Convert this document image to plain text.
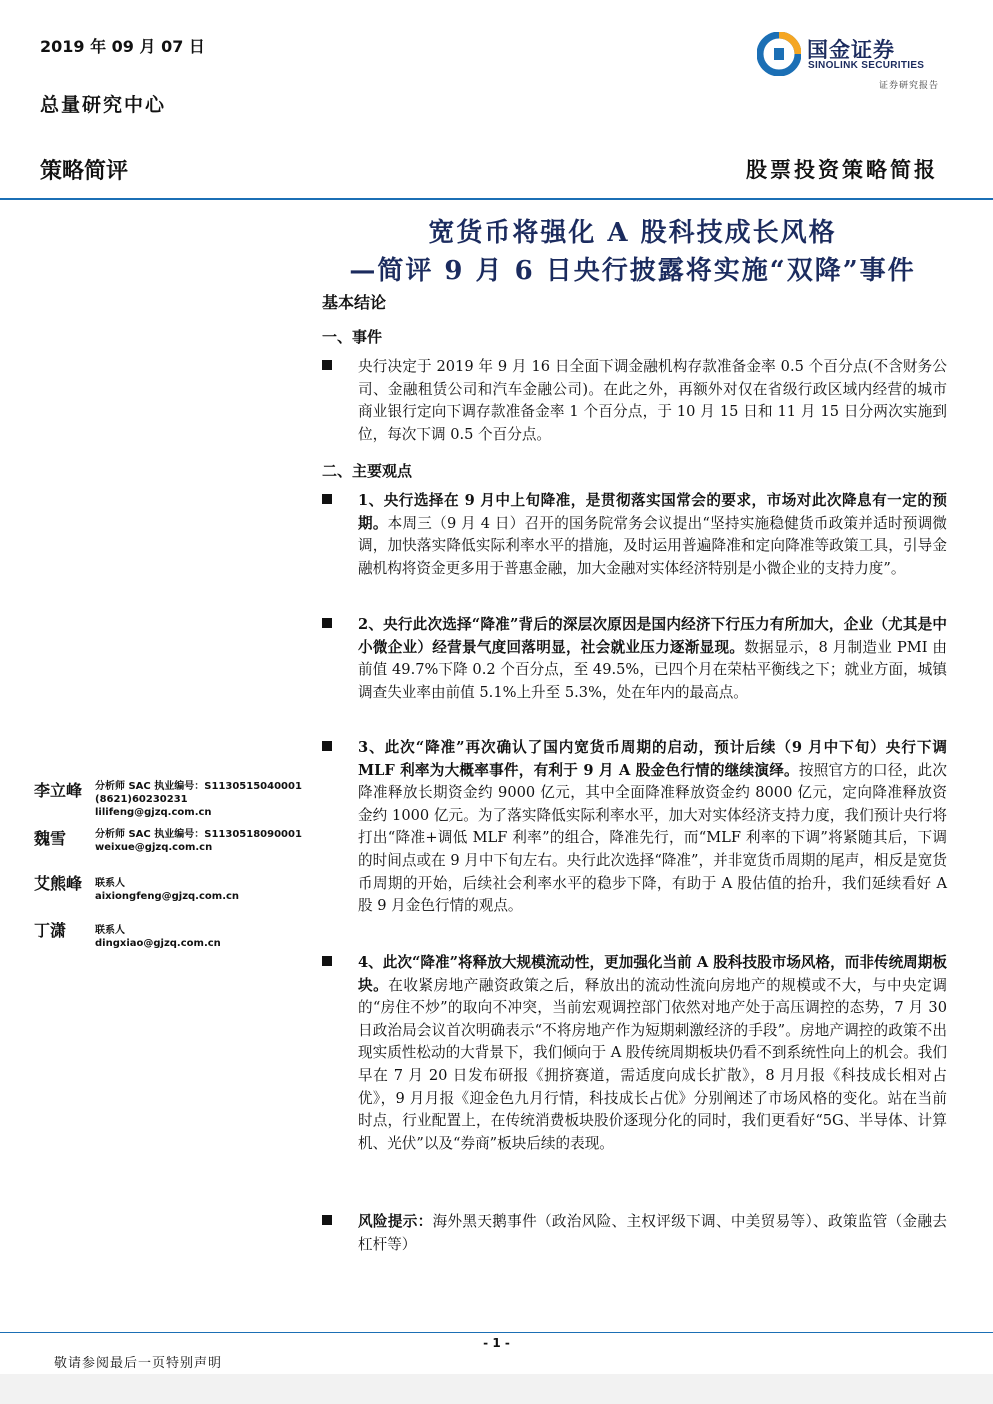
2019 年 09 月 07 日
总量研究中心
策略简评	股票投资策略简报
国金证券
SINOLINK SECURITIES
证券研究报告
宽货币将强化 A 股科技成长风格
—简评 9 月 6 日央行披露将实施“双降”事件
基本结论
一、事件
央行决定于 2019 年 9 月 16 日全面下调金融机构存款准备金率 0.5 个百分点(不含财务公司、金融租赁公司和汽车金融公司)。在此之外，再额外对仅在省级行政区域内经营的城市商业银行定向下调存款准备金率 1 个百分点，于 10 月 15 日和 11 月 15 日分两次实施到位，每次下调 0.5 个百分点。
二、主要观点
1、央行选择在 9 月中上旬降准，是贯彻落实国常会的要求，市场对此次降息有一定的预期。本周三（9 月 4 日）召开的国务院常务会议提出“坚持实施稳健货币政策并适时预调微调，加快落实降低实际利率水平的措施，及时运用普遍降准和定向降准等政策工具，引导金融机构将资金更多用于普惠金融，加大金融对实体经济特别是小微企业的支持力度”。
2、央行此次选择“降准”背后的深层次原因是国内经济下行压力有所加大，企业（尤其是中小微企业）经营景气度回落明显，社会就业压力逐渐显现。数据显示，8 月制造业 PMI 由前值 49.7%下降 0.2 个百分点，至 49.5%，已四个月在荣枯平衡线之下；就业方面，城镇调查失业率由前值 5.1%上升至 5.3%，处在年内的最高点。
3、此次“降准”再次确认了国内宽货币周期的启动，预计后续（9 月中下旬）央行下调 MLF 利率为大概率事件，有利于 9 月 A 股金色行情的继续演绎。按照官方的口径，此次降准释放长期资金约 9000 亿元，其中全面降准释放资金约 8000 亿元，定向降准释放资金约 1000 亿元。为了落实降低实际利率水平，加大对实体经济支持力度，我们预计央行将打出“降准+调低 MLF 利率”的组合，降准先行，而“MLF 利率的下调”将紧随其后，下调的时间点或在 9 月中下旬左右。央行此次选择“降准”，并非宽货币周期的尾声，相反是宽货币周期的开始，后续社会利率水平的稳步下降，有助于 A 股估值的抬升，我们延续看好 A 股 9 月金色行情的观点。
4、此次“降准”将释放大规模流动性，更加强化当前 A 股科技股市场风格，而非传统周期板块。在收紧房地产融资政策之后，释放出的流动性流向房地产的规模或不大，与中央定调的“房住不炒”的取向不冲突，当前宏观调控部门依然对地产处于高压调控的态势，7 月 30 日政治局会议首次明确表示“不将房地产作为短期刺激经济的手段”。房地产调控的政策不出现实质性松动的大背景下，我们倾向于 A 股传统周期板块仍看不到系统性向上的机会。我们早在 7 月 20 日发布研报《拥挤赛道，需适度向成长扩散》，8 月月报《科技成长相对占优》，9 月月报《迎金色九月行情，科技成长占优》分别阐述了市场风格的变化。站在当前时点，行业配置上，在传统消费板块股价逐现分化的同时，我们更看好“5G、半导体、计算机、光伏”以及“券商”板块后续的表现。
风险提示：海外黑天鹅事件（政治风险、主权评级下调、中美贸易等）、政策监管（金融去杠杆等）
李立峰 分析师 SAC 执业编号：S1130515040001
(8621)60230231
lilifeng@gjzq.com.cn
魏雪	分析师 SAC 执业编号：S1130518090001
weixue@gjzq.com.cn
艾熊峰 联系人
aixiongfeng@gjzq.com.cn
丁潇	联系人
dingxiao@gjzq.com.cn
- 1 -
敬请参阅最后一页特别声明
